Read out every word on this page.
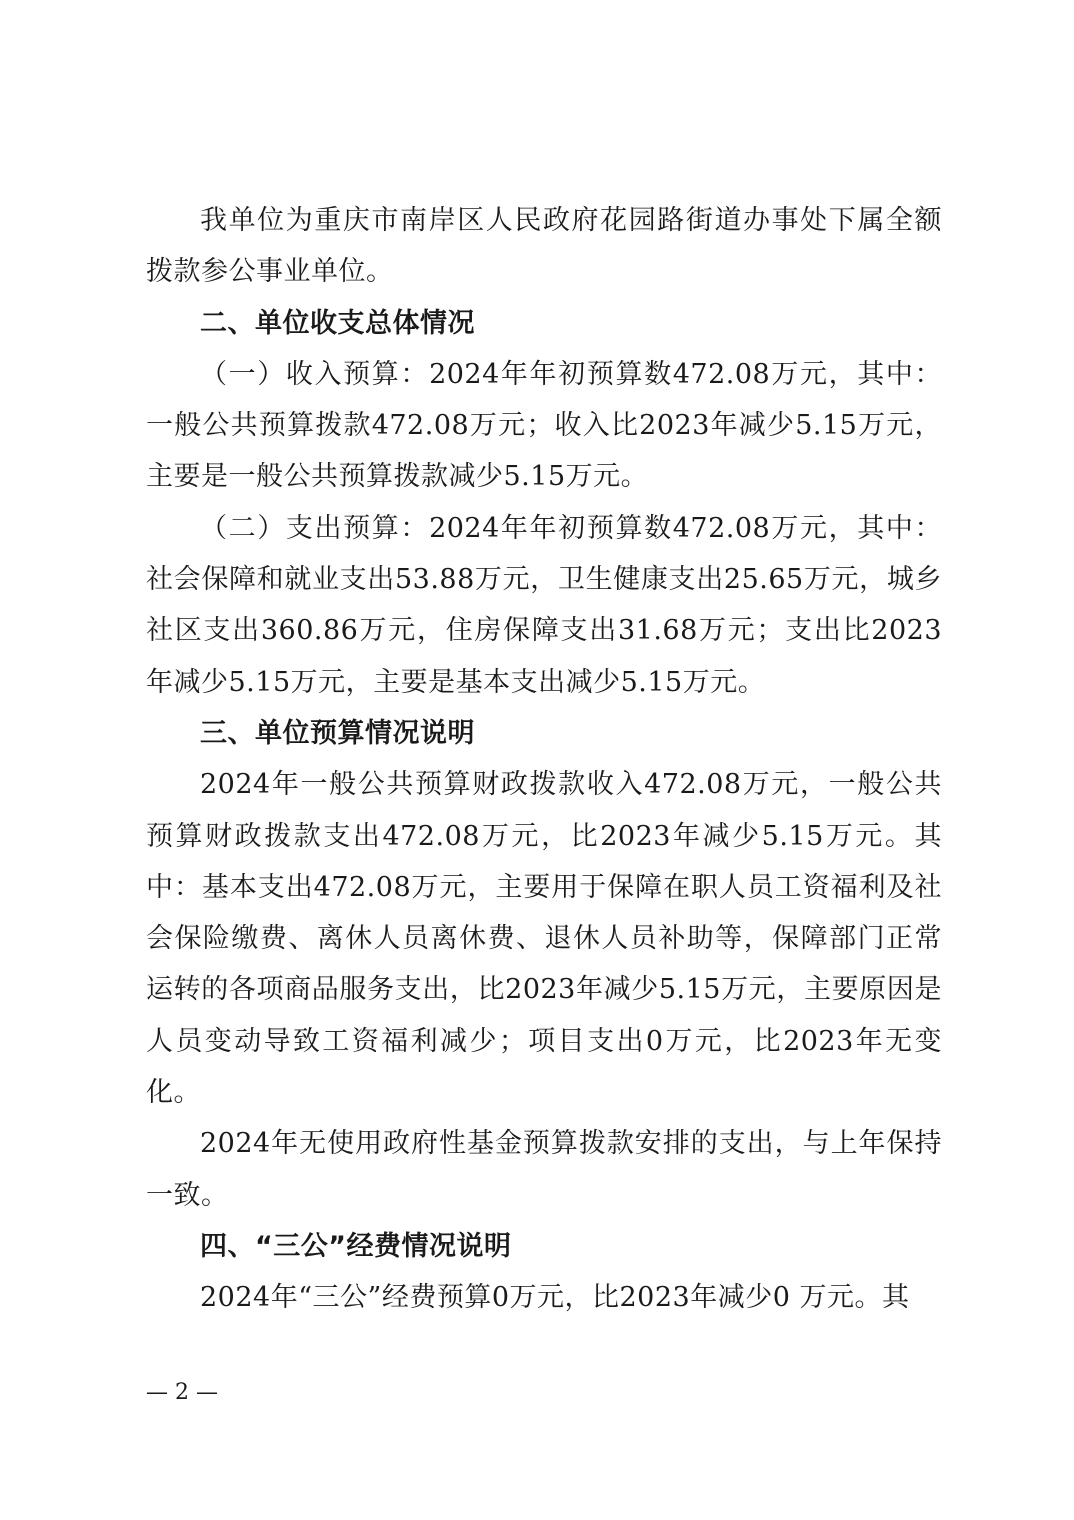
我单位为重庆市南岸区人民政府花园路街道办事处下属全额拨款参公事业单位。

二、单位收支总体情况

（一）收入预算：2024年年初预算数472.08万元，其中：一般公共预算拨款472.08万元；收入比2023年减少5.15万元，主要是一般公共预算拨款减少5.15万元。

（二）支出预算：2024年年初预算数472.08万元，其中：社会保障和就业支出53.88万元，卫生健康支出25.65万元，城乡社区支出360.86万元，住房保障支出31.68万元；支出比2023年减少5.15万元，主要是基本支出减少5.15万元。

三、单位预算情况说明

2024年一般公共预算财政拨款收入472.08万元，一般公共预算财政拨款支出472.08万元，比2023年减少5.15万元。其中：基本支出472.08万元，主要用于保障在职人员工资福利及社会保险缴费、离休人员离休费、退休人员补助等，保障部门正常运转的各项商品服务支出，比2023年减少5.15万元，主要原因是人员变动导致工资福利减少；项目支出0万元，比2023年无变化。

2024年无使用政府性基金预算拨款安排的支出，与上年保持一致。

四、“三公”经费情况说明

2024年“三公”经费预算0万元，比2023年减少0 万元。其

— 2 —
